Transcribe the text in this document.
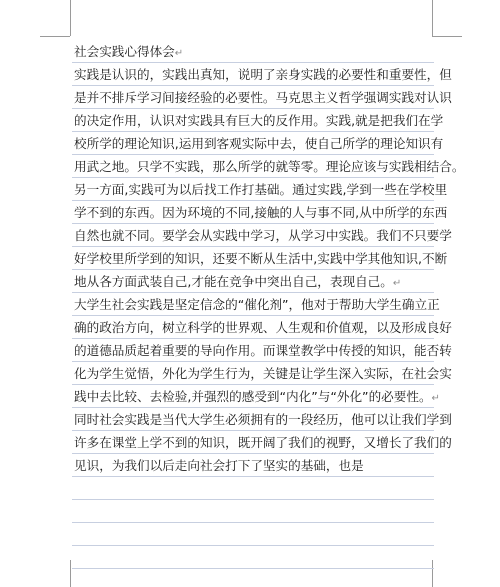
社会实践心得体会↵
实践是认识的，实践出真知，说明了亲身实践的必要性和重要性，但
是并不排斥学习间接经验的必要性。马克思主义哲学强调实践对认识
的决定作用，认识对实践具有巨大的反作用。实践,就是把我们在学
校所学的理论知识,运用到客观实际中去，使自己所学的理论知识有
用武之地。只学不实践，那么所学的就等零。理论应该与实践相结合。
另一方面,实践可为以后找工作打基础。通过实践,学到一些在学校里
学不到的东西。因为环境的不同,接触的人与事不同,从中所学的东西
自然也就不同。要学会从实践中学习，从学习中实践。我们不只要学
好学校里所学到的知识，还要不断从生活中,实践中学其他知识,不断
地从各方面武装自己,才能在竞争中突出自己，表现自己。↵
大学生社会实践是坚定信念的“催化剂”，他对于帮助大学生确立正
确的政治方向，树立科学的世界观、人生观和价值观，以及形成良好
的道德品质起着重要的导向作用。而课堂教学中传授的知识，能否转
化为学生觉悟，外化为学生行为，关键是让学生深入实际，在社会实
践中去比较、去检验,并强烈的感受到“内化”与“外化”的必要性。↵
同时社会实践是当代大学生必须拥有的一段经历，他可以让我们学到
许多在课堂上学不到的知识，既开阔了我们的视野，又增长了我们的
见识，为我们以后走向社会打下了坚实的基础，也是
